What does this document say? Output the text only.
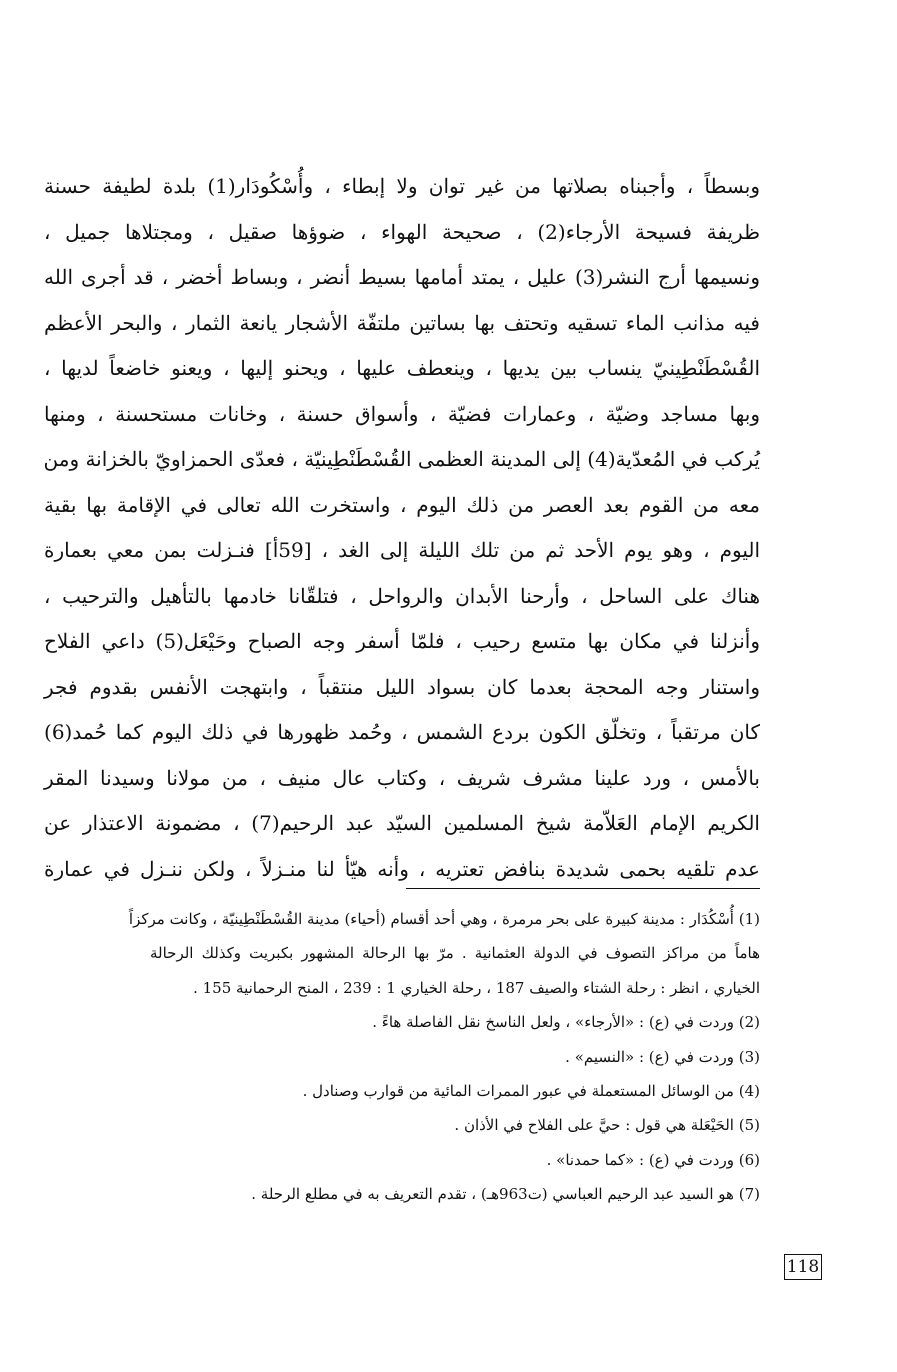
وبسطاً ، وأجبناه بصلاتها من غير توان ولا إبطاء ، وأُسْكُودَار(1) بلدة لطيفة حسنة
ظريفة فسيحة الأرجاء(2) ، صحيحة الهواء ، ضوؤها صقيل ، ومجتلاها جميل ،
ونسيمها أرج النشر(3) عليل ، يمتد أمامها بسيط أنضر ، وبساط أخضر ، قد أجرى الله
فيه مذانب الماء تسقيه وتحتف بها بساتين ملتفّة الأشجار يانعة الثمار ، والبحر الأعظم
القُسْطَنْطِينيّ ينساب بين يديها ، وينعطف عليها ، ويحنو إليها ، ويعنو خاضعاً لديها ،
وبها مساجد وضيّة ، وعمارات فضيّة ، وأسواق حسنة ، وخانات مستحسنة ، ومنها
يُركب في المُعدّية(4) إلى المدينة العظمى القُسْطَنْطِينيّة ، فعدّى الحمزاويّ بالخزانة ومن
معه من القوم بعد العصر من ذلك اليوم ، واستخرت الله تعالى في الإقامة بها بقية
اليوم ، وهو يوم الأحد ثم من تلك الليلة إلى الغد ، [59أ] فنـزلت بمن معي بعمارة
هناك على الساحل ، وأرحنا الأبدان والرواحل ، فتلقّانا خادمها بالتأهيل والترحيب ،
وأنزلنا في مكان بها متسع رحيب ، فلمّا أسفر وجه الصباح وحَيْعَل(5) داعي الفلاح
واستنار وجه المحجة بعدما كان بسواد الليل منتقباً ، وابتهجت الأنفس بقدوم فجر
كان مرتقباً ، وتخلّق الكون بردع الشمس ، وحُمد ظهورها في ذلك اليوم كما حُمد(6)
بالأمس ، ورد علينا مشرف شريف ، وكتاب عال منيف ، من مولانا وسيدنا المقر
الكريم الإمام العَلاّمة شيخ المسلمين السيّد عبد الرحيم(7) ، مضمونة الاعتذار عن
عدم تلقيه بحمى شديدة بنافض تعتريه ، وأنه هيّأ لنا منـزلاً ، ولكن ننـزل في عمارة
(1) أُسْكُدَار : مدينة كبيرة على بحر مرمرة ، وهي أحد أقسام (أحياء) مدينة القُسْطَنْطِينيّة ، وكانت مركزاً
هاماً من مراكز التصوف في الدولة العثمانية . مرّ بها الرحالة المشهور بكبريت وكذلك الرحالة
الخياري ، انظر : رحلة الشتاء والصيف 187 ، رحلة الخياري 1 : 239 ، المنح الرحمانية 155 .
(2) وردت في (ع) : «الأرجاء» ، ولعل الناسخ نقل الفاصلة هاءً .
(3) وردت في (ع) : «النسيم» .
(4) من الوسائل المستعملة في عبور الممرات المائية من قوارب وصنادل .
(5) الحَيْعَلة هي قول : حيَّ على الفلاح في الأذان .
(6) وردت في (ع) : «كما حمدنا» .
(7) هو السيد عبد الرحيم العباسي (ت963هـ) ، تقدم التعريف به في مطلع الرحلة .
118
